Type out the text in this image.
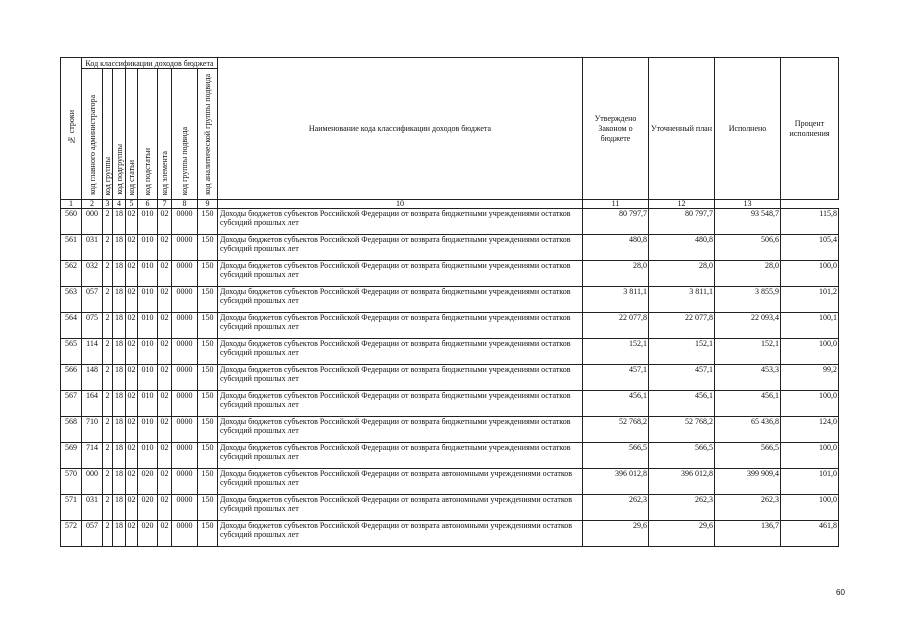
№ строки	Код классификации доходов бюджета								Наименование кода классификации доходов бюджета	Утверждено Законом о бюджете	Уточненный план	Исполнено	Процент исполнения
	код главного администратора	код группы	код подгруппы	код статьи	код подстатьи	код элемента	код группы подвида	код аналитической группы подвида					
1	2	3	4	5	6	7	8	9	10	11	12	13	
560	000	2	18	02	010	02	0000	150	Доходы бюджетов субъектов Российской Федерации от возврата бюджетными учреждениями остатков субсидий прошлых лет	80 797,7	80 797,7	93 548,7	115,8
561	031	2	18	02	010	02	0000	150	Доходы бюджетов субъектов Российской Федерации от возврата бюджетными учреждениями остатков субсидий прошлых лет	480,8	480,8	506,6	105,4
562	032	2	18	02	010	02	0000	150	Доходы бюджетов субъектов Российской Федерации от возврата бюджетными учреждениями остатков субсидий прошлых лет	28,0	28,0	28,0	100,0
563	057	2	18	02	010	02	0000	150	Доходы бюджетов субъектов Российской Федерации от возврата бюджетными учреждениями остатков субсидий прошлых лет	3 811,1	3 811,1	3 855,9	101,2
564	075	2	18	02	010	02	0000	150	Доходы бюджетов субъектов Российской Федерации от возврата бюджетными учреждениями остатков субсидий прошлых лет	22 077,8	22 077,8	22 093,4	100,1
565	114	2	18	02	010	02	0000	150	Доходы бюджетов субъектов Российской Федерации от возврата бюджетными учреждениями остатков субсидий прошлых лет	152,1	152,1	152,1	100,0
566	148	2	18	02	010	02	0000	150	Доходы бюджетов субъектов Российской Федерации от возврата бюджетными учреждениями остатков субсидий прошлых лет	457,1	457,1	453,3	99,2
567	164	2	18	02	010	02	0000	150	Доходы бюджетов субъектов Российской Федерации от возврата бюджетными учреждениями остатков субсидий прошлых лет	456,1	456,1	456,1	100,0
568	710	2	18	02	010	02	0000	150	Доходы бюджетов субъектов Российской Федерации от возврата бюджетными учреждениями остатков субсидий прошлых лет	52 768,2	52 768,2	65 436,8	124,0
569	714	2	18	02	010	02	0000	150	Доходы бюджетов субъектов Российской Федерации от возврата бюджетными учреждениями остатков субсидий прошлых лет	566,5	566,5	566,5	100,0
570	000	2	18	02	020	02	0000	150	Доходы бюджетов субъектов Российской Федерации от возврата автономными учреждениями остатков субсидий прошлых лет	396 012,8	396 012,8	399 909,4	101,0
571	031	2	18	02	020	02	0000	150	Доходы бюджетов субъектов Российской Федерации от возврата автономными учреждениями остатков субсидий прошлых лет	262,3	262,3	262,3	100,0
572	057	2	18	02	020	02	0000	150	Доходы бюджетов субъектов Российской Федерации от возврата автономными учреждениями остатков субсидий прошлых лет	29,6	29,6	136,7	461,8
60
